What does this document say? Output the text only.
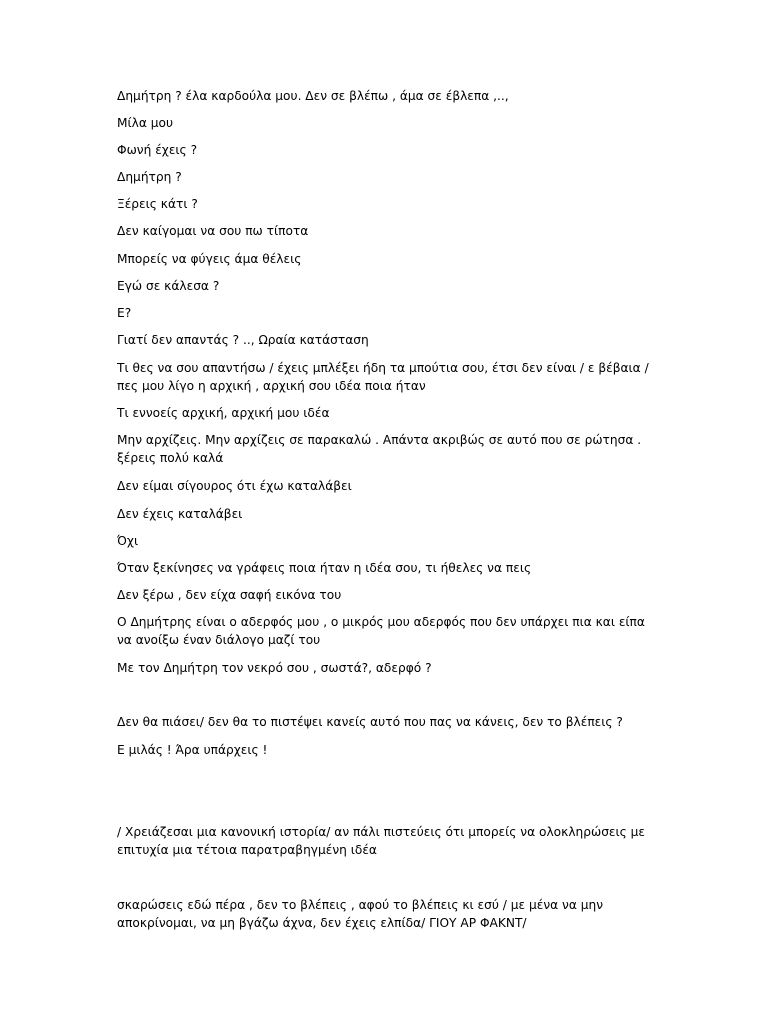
Δημήτρη ? έλα καρδούλα μου. Δεν σε βλέπω , άμα σε έβλεπα ,..,
Μίλα μου
Φωνή έχεις ?
Δημήτρη ?
Ξέρεις κάτι ?
Δεν καίγομαι να σου πω τίποτα
Μπορείς να φύγεις άμα θέλεις
Εγώ σε κάλεσα ?
Ε?
Γιατί δεν απαντάς ? .., Ωραία κατάσταση
Τι θες να σου απαντήσω / έχεις μπλέξει ήδη τα μπούτια σου, έτσι δεν είναι / ε βέβαια / πες μου λίγο η αρχική , αρχική σου ιδέα ποια ήταν
Τι εννοείς αρχική, αρχική μου ιδέα
Μην αρχίζεις. Μην αρχίζεις σε παρακαλώ . Απάντα ακριβώς σε αυτό που σε ρώτησα . ξέρεις πολύ καλά
Δεν είμαι σίγουρος ότι έχω καταλάβει
Δεν έχεις καταλάβει
Όχι
Όταν ξεκίνησες να γράφεις ποια ήταν η ιδέα σου, τι ήθελες να πεις
Δεν ξέρω , δεν είχα σαφή εικόνα του
Ο Δημήτρης είναι ο αδερφός μου , ο μικρός μου αδερφός που δεν υπάρχει πια και είπα να ανοίξω έναν διάλογο μαζί του
Με τον Δημήτρη τον νεκρό σου , σωστά?, αδερφό ?
Δεν θα πιάσει/ δεν θα το πιστέψει κανείς αυτό που πας να κάνεις, δεν το βλέπεις ?
Ε μιλάς ! Άρα υπάρχεις !
/ Χρειάζεσαι μια κανονική ιστορία/ αν πάλι πιστεύεις ότι μπορείς να ολοκληρώσεις με επιτυχία μια τέτοια παρατραβηγμένη ιδέα
σκαρώσεις εδώ πέρα , δεν το βλέπεις , αφού το βλέπεις κι εσύ / με μένα να μην αποκρίνομαι, να μη βγάζω άχνα, δεν έχεις ελπίδα/ ΓΙΟΥ ΑΡ ΦΑΚΝΤ/
